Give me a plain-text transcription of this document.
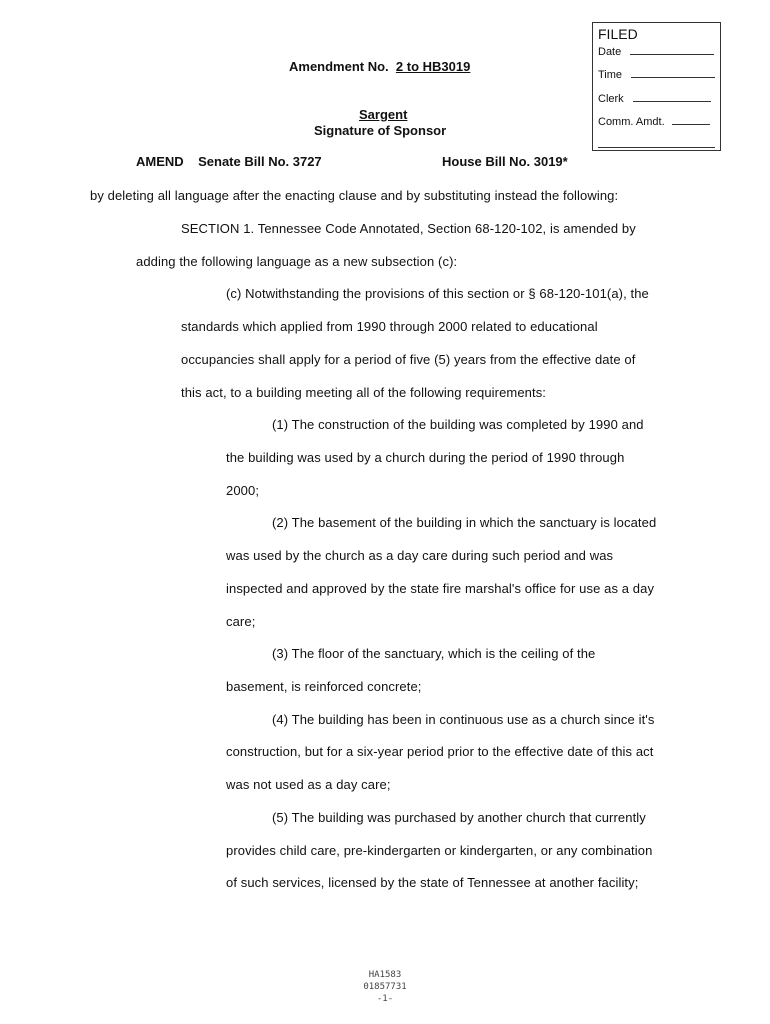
FILED
Date
Time
Clerk
Comm. Amdt.
Amendment No. 2 to HB3019
Sargent
Signature of Sponsor
AMEND    Senate Bill No. 3727	House Bill No. 3019*
by deleting all language after the enacting clause and by substituting instead the following:
SECTION 1. Tennessee Code Annotated, Section 68-120-102, is amended by
adding the following language as a new subsection (c):
(c) Notwithstanding the provisions of this section or § 68-120-101(a), the
standards which applied from 1990 through 2000 related to educational
occupancies shall apply for a period of five (5) years from the effective date of
this act, to a building meeting all of the following requirements:
(1) The construction of the building was completed by 1990 and
the building was used by a church during the period of 1990 through
2000;
(2) The basement of the building in which the sanctuary is located
was used by the church as a day care during such period and was
inspected and approved by the state fire marshal's office for use as a day
care;
(3) The floor of the sanctuary, which is the ceiling of the
basement, is reinforced concrete;
(4) The building has been in continuous use as a church since it's
construction, but for a six-year period prior to the effective date of this act
was not used as a day care;
(5) The building was purchased by another church that currently
provides child care, pre-kindergarten or kindergarten, or any combination
of such services, licensed by the state of Tennessee at another facility;
HA1583
01857731
-1-
